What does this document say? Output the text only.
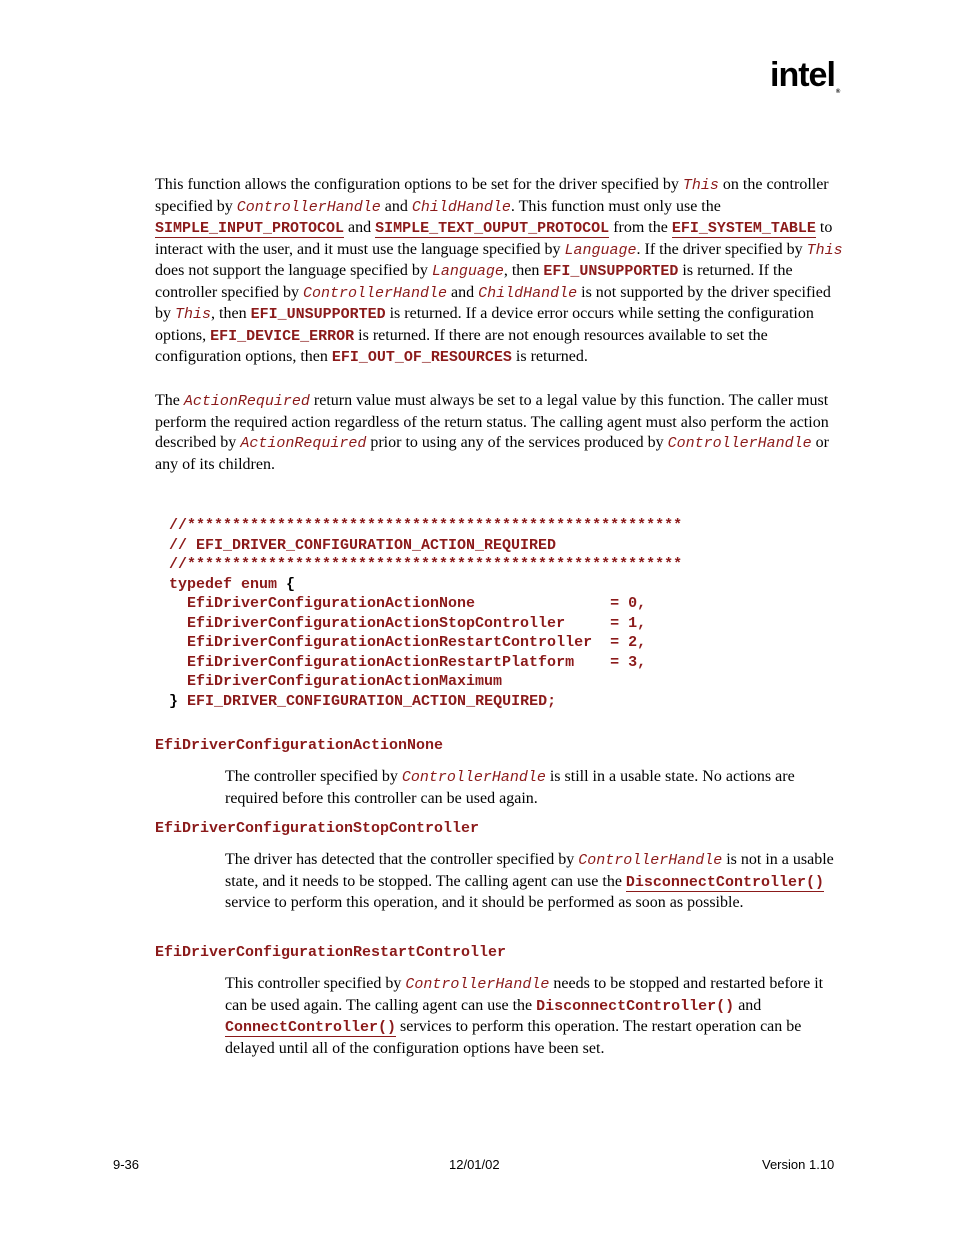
intel®

This function allows the configuration options to be set for the driver specified by This on the controller specified by ControllerHandle and ChildHandle. This function must only use the SIMPLE_INPUT_PROTOCOL and SIMPLE_TEXT_OUPUT_PROTOCOL from the EFI_SYSTEM_TABLE to interact with the user, and it must use the language specified by Language. If the driver specified by This does not support the language specified by Language, then EFI_UNSUPPORTED is returned. If the controller specified by ControllerHandle and ChildHandle is not supported by the driver specified by This, then EFI_UNSUPPORTED is returned. If a device error occurs while setting the configuration options, EFI_DEVICE_ERROR is returned. If there are not enough resources available to set the configuration options, then EFI_OUT_OF_RESOURCES is returned.

The ActionRequired return value must always be set to a legal value by this function. The caller must perform the required action regardless of the return status. The calling agent must also perform the action described by ActionRequired prior to using any of the services produced by ControllerHandle or any of its children.

//*******************************************************
// EFI_DRIVER_CONFIGURATION_ACTION_REQUIRED
//*******************************************************
typedef enum {
EfiDriverConfigurationActionNone               = 0,
EfiDriverConfigurationActionStopController     = 1,
EfiDriverConfigurationActionRestartController  = 2,
EfiDriverConfigurationActionRestartPlatform    = 3,
EfiDriverConfigurationActionMaximum
} EFI_DRIVER_CONFIGURATION_ACTION_REQUIRED;

EfiDriverConfigurationActionNone

The controller specified by ControllerHandle is still in a usable state. No actions are required before this controller can be used again.

EfiDriverConfigurationStopController

The driver has detected that the controller specified by ControllerHandle is not in a usable state, and it needs to be stopped. The calling agent can use the DisconnectController() service to perform this operation, and it should be performed as soon as possible.

EfiDriverConfigurationRestartController

This controller specified by ControllerHandle needs to be stopped and restarted before it can be used again. The calling agent can use the DisconnectController() and ConnectController() services to perform this operation. The restart operation can be delayed until all of the configuration options have been set.

9-36	12/01/02	Version 1.10
